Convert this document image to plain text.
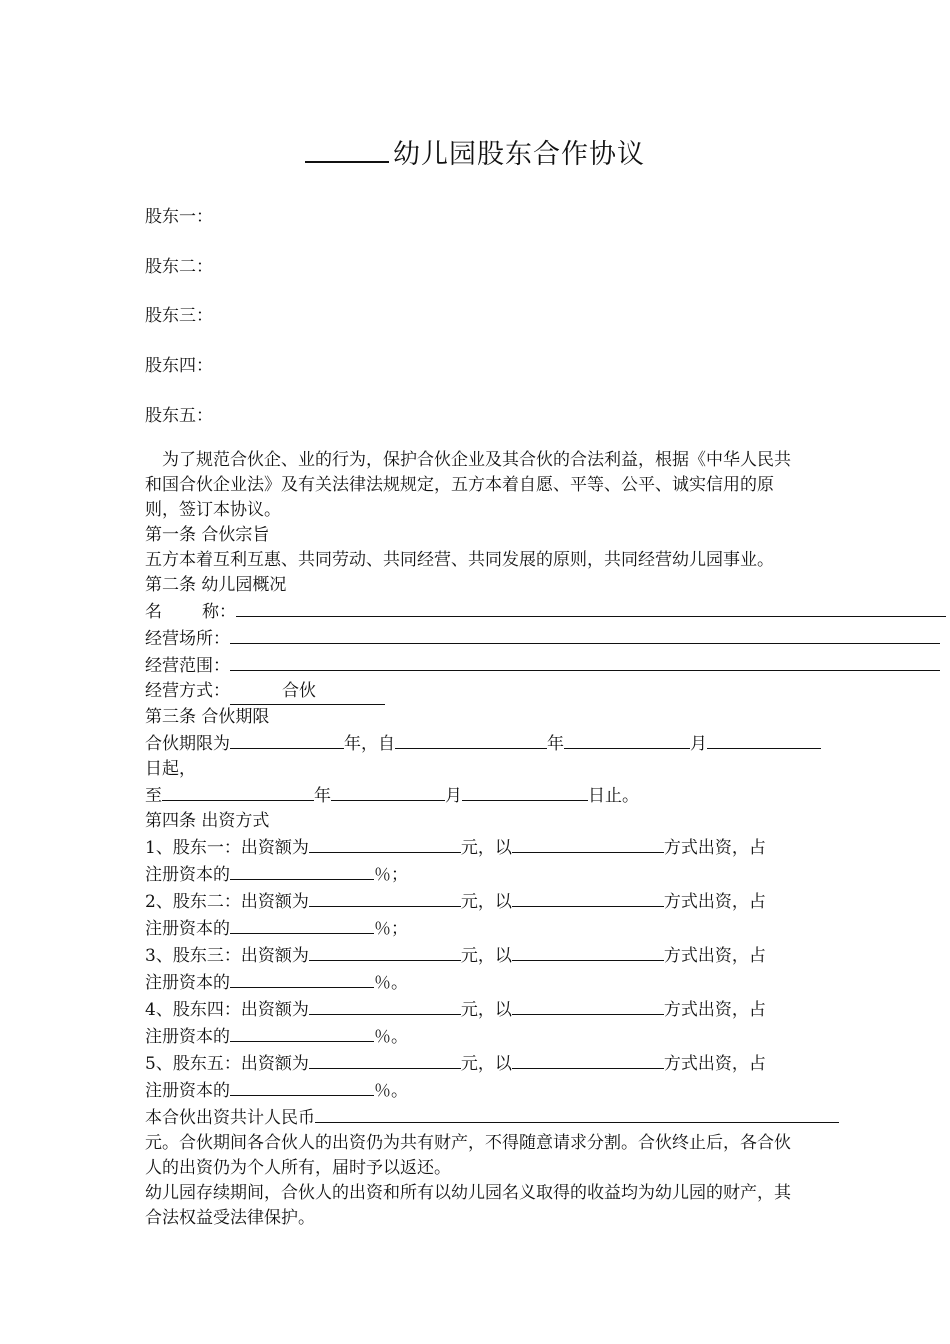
幼儿园股东合作协议
股东一：
股东二：
股东三：
股东四：
股东五：

为了规范合伙企、业的行为，保护合伙企业及其合伙的合法利益，根据《中华人民共和国合伙企业法》及有关法律法规规定，五方本着自愿、平等、公平、诚实信用的原则，签订本协议。

第一条 合伙宗旨

五方本着互利互惠、共同劳动、共同经营、共同发展的原则，共同经营幼儿园事业。

第二条 幼儿园概况

名 称：

经营场所：

经营范围：

经营方式：	合伙

第三条 合伙期限

合伙期限为	年，自	年	月

日起，

至	年	月	日止。

第四条 出资方式

1、股东一：出资额为	元，以	方式出资，占

注册资本的	％；

2、股东二：出资额为	元，以	方式出资，占

注册资本的	％；

3、股东三：出资额为	元，以	方式出资，占

注册资本的	％。

4、股东四：出资额为	元，以	方式出资，占

注册资本的	％。

5、股东五：出资额为	元，以	方式出资，占

注册资本的	％。

本合伙出资共计人民币

元。合伙期间各合伙人的出资仍为共有财产，不得随意请求分割。合伙终止后，各合伙人的出资仍为个人所有，届时予以返还。

幼儿园存续期间，合伙人的出资和所有以幼儿园名义取得的收益均为幼儿园的财产，其合法权益受法律保护。
